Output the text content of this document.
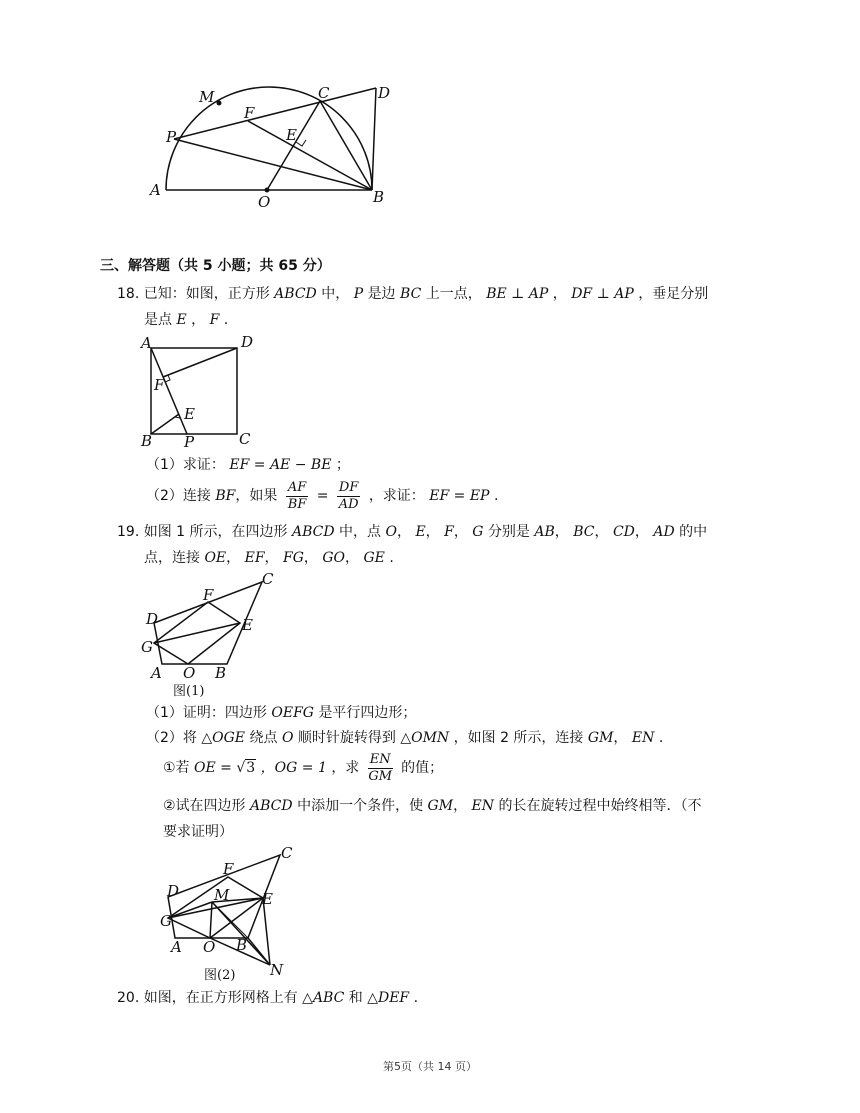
M
F
C	D
P	E
A
O	B
三、解答题（共 5 小题；共 65 分）
18. 已知：如图，正方形 ABCD 中， P 是边 BC 上一点， BE ⊥ AP ， DF ⊥ AP ，垂足分别
是点 E ， F .
A	D
F
E
B P	C
（1）求证： EF = AE − BE ；
（2）连接 BF，如果 $\frac{AF}{BF} = \frac{DF}{AD}$ ，求证： EF = EP .
19. 如图 1 所示，在四边形 ABCD 中，点 O， E， F， G 分别是 AB， BC， CD， AD 的中
点，连接 OE， EF， FG， GO， GE .
C
F
D	E
G
A O B
图(1)
（1）证明：四边形 OEFG 是平行四边形；
（2）将 △OGE 绕点 O 顺时针旋转得到 △OMN ，如图 2 所示，连接 GM， EN .
①若 OE = √3 ，OG = 1 ，求 $\frac{EN}{GM}$ 的值；
②试在四边形 ABCD 中添加一个条件，使 GM， EN 的长在旋转过程中始终相等．（不
要求证明）
C
F
D M E
G
A O B
N
图(2)
20. 如图，在正方形网格上有 △ABC 和 △DEF .
第5页（共 14 页）
